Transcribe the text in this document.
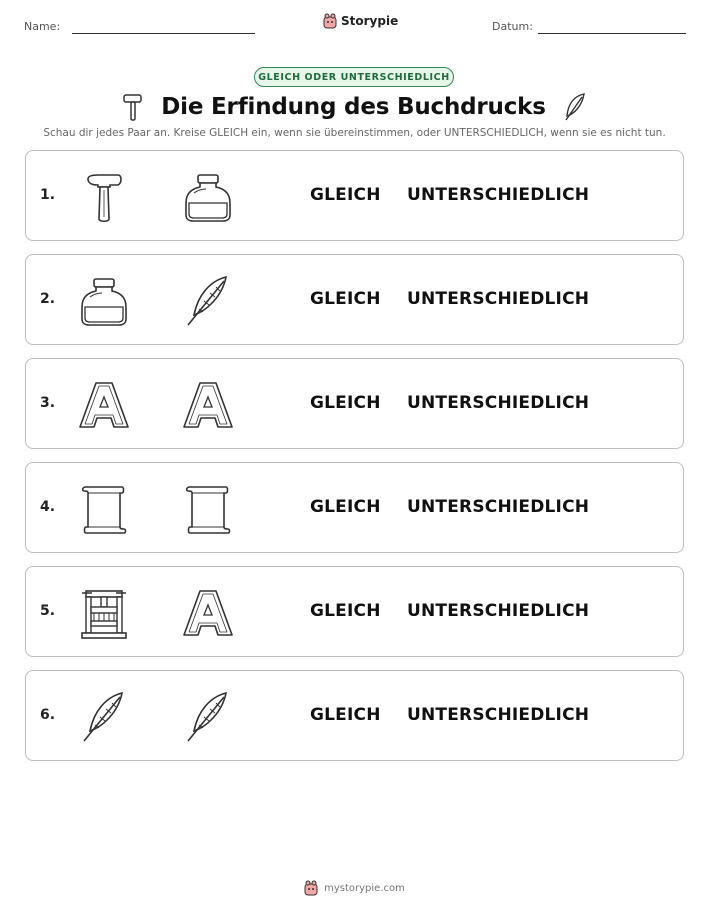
Name:	Storypie	Datum:
GLEICH ODER UNTERSCHIEDLICH
Die Erfindung des Buchdrucks
Schau dir jedes Paar an. Kreise GLEICH ein, wenn sie übereinstimmen, oder UNTERSCHIEDLICH, wenn sie es nicht tun.
1.	GLEICH UNTERSCHIEDLICH
2.	GLEICH UNTERSCHIEDLICH
3.	GLEICH UNTERSCHIEDLICH
4.	GLEICH UNTERSCHIEDLICH
5.	GLEICH UNTERSCHIEDLICH
6.	GLEICH UNTERSCHIEDLICH
mystorypie.com
